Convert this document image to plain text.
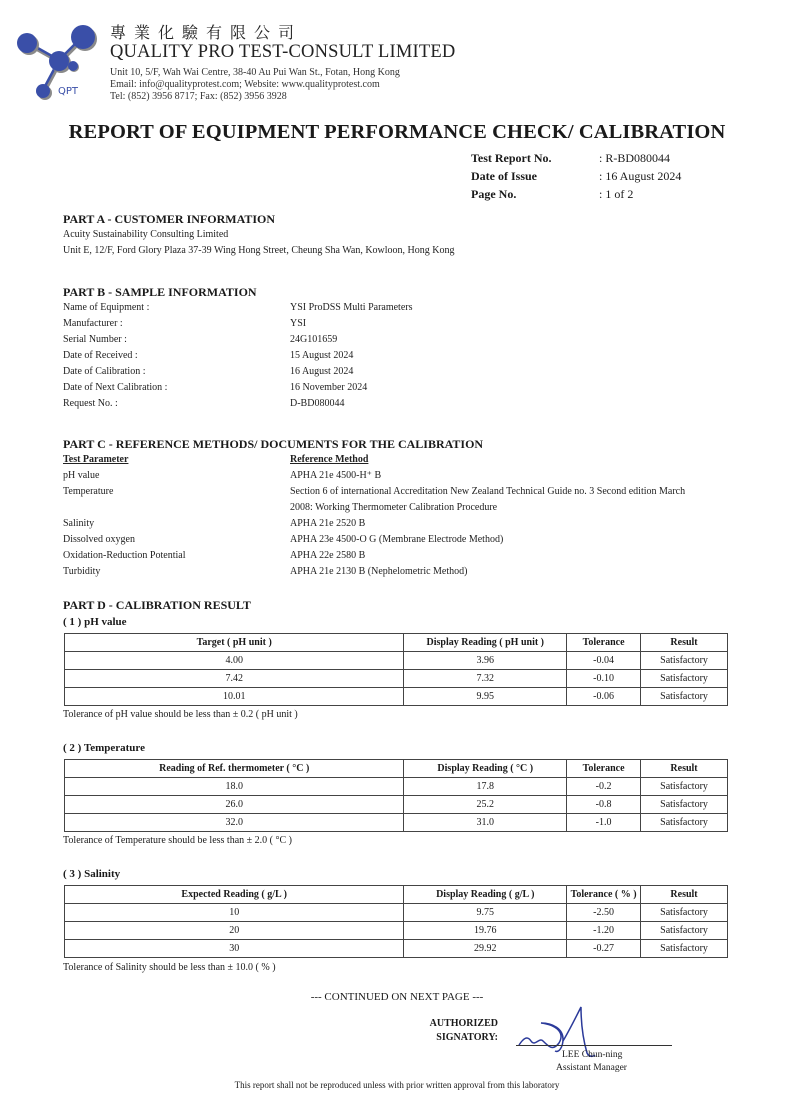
QPT
專業化驗有限公司
QUALITY PRO TEST-CONSULT LIMITED
Unit 10, 5/F, Wah Wai Centre, 38-40 Au Pui Wan St., Fotan, Hong Kong
Email: info@qualityprotest.com; Website: www.qualityprotest.com
Tel: (852) 3956 8717; Fax: (852) 3956 3928
REPORT OF EQUIPMENT PERFORMANCE CHECK/ CALIBRATION
Test Report No.	: R-BD080044
Date of Issue	: 16 August 2024
Page No.	: 1 of 2
PART A - CUSTOMER INFORMATION
Acuity Sustainability Consulting Limited
Unit E, 12/F, Ford Glory Plaza 37-39 Wing Hong Street, Cheung Sha Wan, Kowloon, Hong Kong
PART B - SAMPLE INFORMATION
Name of Equipment :	YSI ProDSS Multi Parameters
Manufacturer :	YSI
Serial Number :	24G101659
Date of Received :	15 August 2024
Date of Calibration :	16 August 2024
Date of Next Calibration :	16 November 2024
Request No. :	D-BD080044
PART C - REFERENCE METHODS/ DOCUMENTS FOR THE CALIBRATION
Test Parameter	Reference Method
pH value	APHA 21e 4500-H⁺ B
Temperature	Section 6 of international Accreditation New Zealand Technical Guide no. 3 Second edition March
2008: Working Thermometer Calibration Procedure
Salinity	APHA 21e 2520 B
Dissolved oxygen	APHA 23e 4500-O G (Membrane Electrode Method)
Oxidation-Reduction Potential	APHA 22e 2580 B
Turbidity	APHA 21e 2130 B (Nephelometric Method)
PART D - CALIBRATION RESULT
( 1 ) pH value
Target ( pH unit )	Display Reading ( pH unit )	Tolerance	Result
4.00	3.96	-0.04	Satisfactory
7.42	7.32	-0.10	Satisfactory
10.01	9.95	-0.06	Satisfactory
Tolerance of pH value should be less than ± 0.2 ( pH unit )
( 2 ) Temperature
Reading of Ref. thermometer ( °C )	Display Reading ( °C )	Tolerance	Result
18.0	17.8	-0.2	Satisfactory
26.0	25.2	-0.8	Satisfactory
32.0	31.0	-1.0	Satisfactory
Tolerance of Temperature should be less than ± 2.0 ( °C )
( 3 ) Salinity
Expected Reading ( g/L )	Display Reading ( g/L )	Tolerance ( % )	Result
10	9.75	-2.50	Satisfactory
20	19.76	-1.20	Satisfactory
30	29.92	-0.27	Satisfactory
Tolerance of Salinity should be less than ± 10.0 ( % )
--- CONTINUED ON NEXT PAGE ---
AUTHORIZED
SIGNATORY:
LEE Chun-ning
Assistant Manager
This report shall not be reproduced unless with prior written approval from this laboratory
